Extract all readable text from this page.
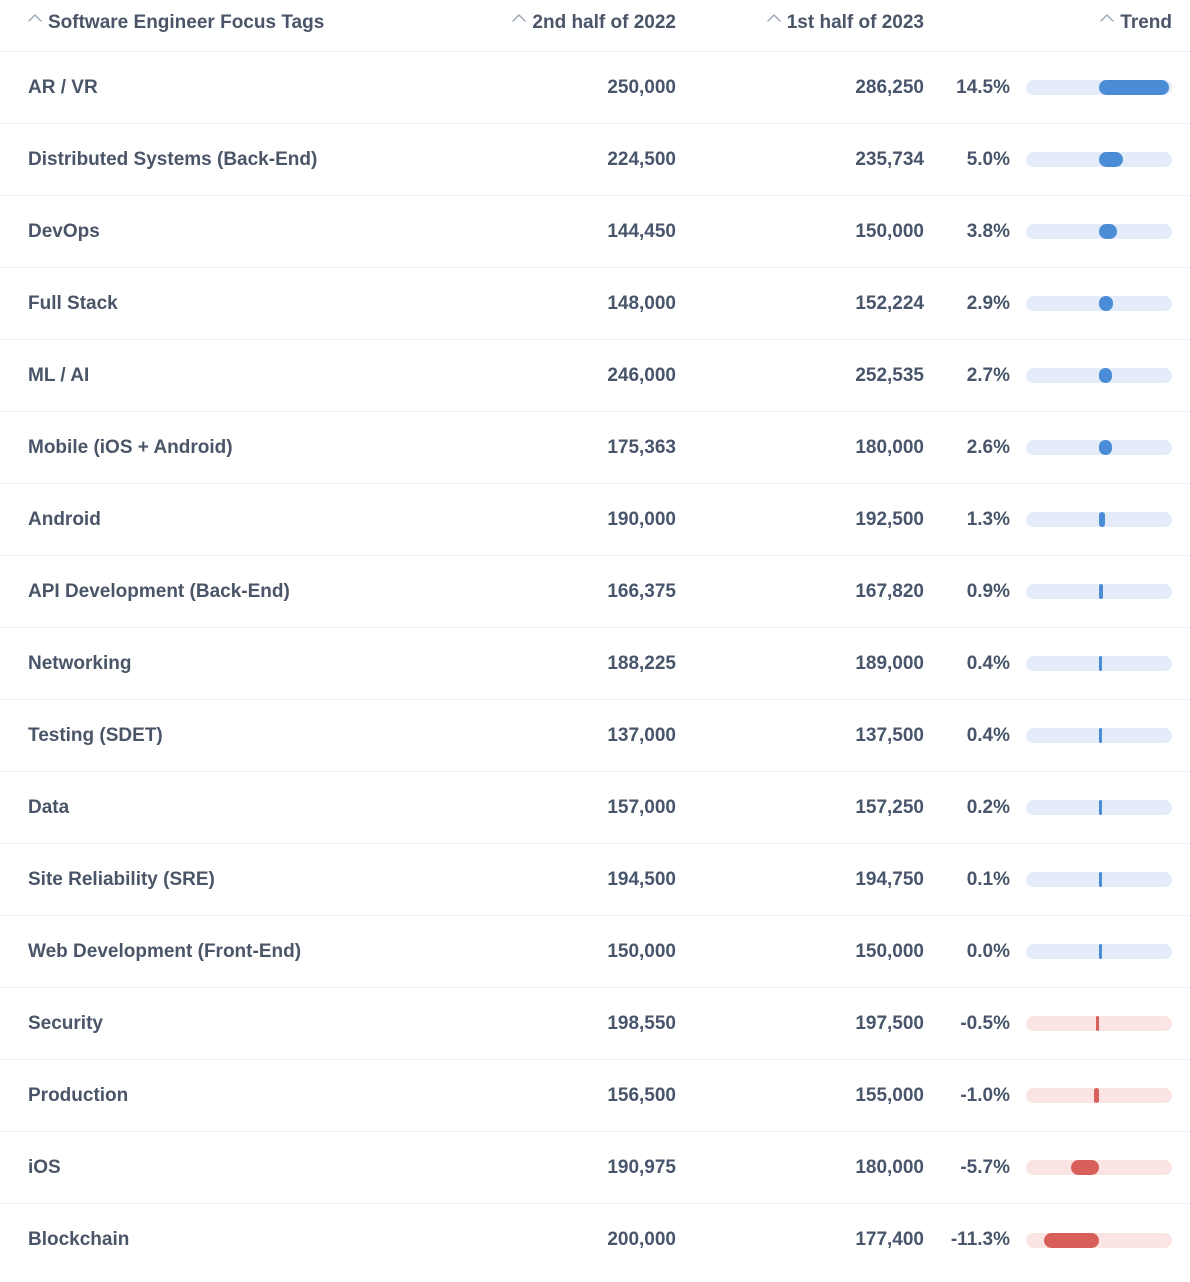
Software Engineer Focus Tags	2nd half of 2022	1st half of 2023	Trend
AR / VR	250,000	286,250	14.5%
Distributed Systems (Back-End)	224,500	235,734	5.0%
DevOps	144,450	150,000	3.8%
Full Stack	148,000	152,224	2.9%
ML / AI	246,000	252,535	2.7%
Mobile (iOS + Android)	175,363	180,000	2.6%
Android	190,000	192,500	1.3%
API Development (Back-End)	166,375	167,820	0.9%
Networking	188,225	189,000	0.4%
Testing (SDET)	137,000	137,500	0.4%
Data	157,000	157,250	0.2%
Site Reliability (SRE)	194,500	194,750	0.1%
Web Development (Front-End)	150,000	150,000	0.0%
Security	198,550	197,500	-0.5%
Production	156,500	155,000	-1.0%
iOS	190,975	180,000	-5.7%
Blockchain	200,000	177,400	-11.3%
